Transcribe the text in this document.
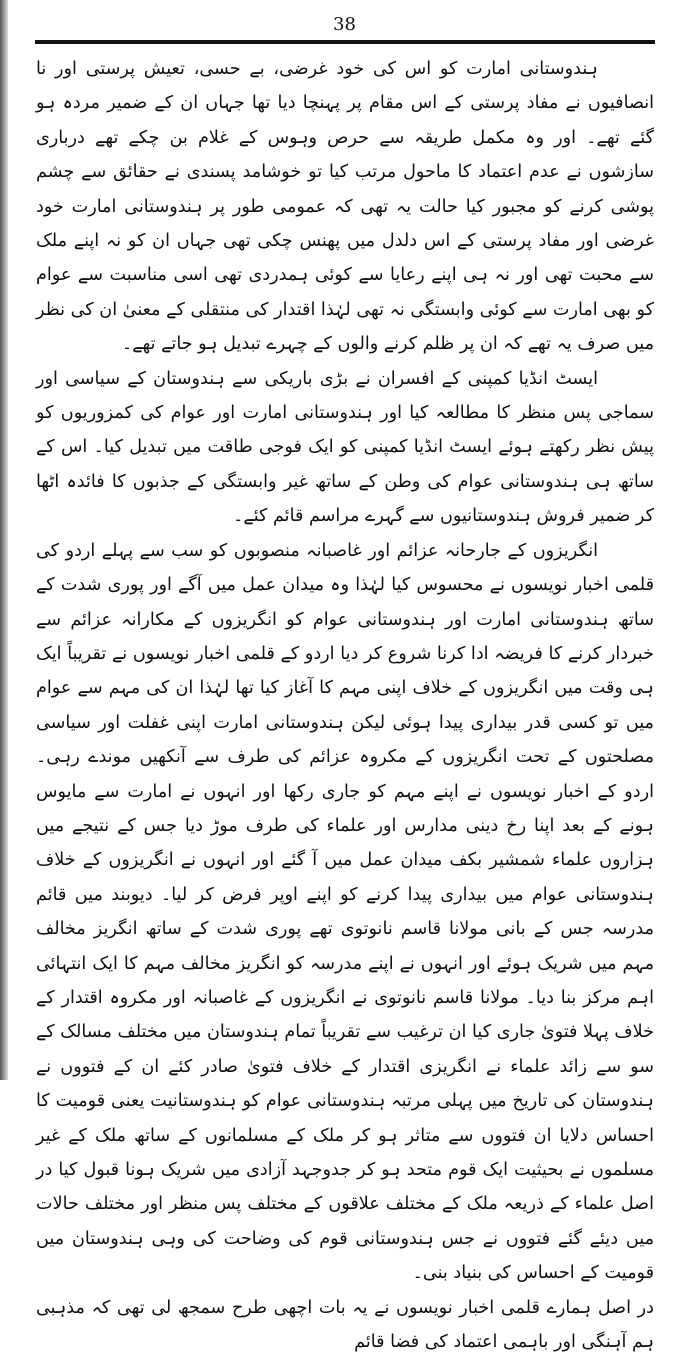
38

ہندوستانی امارت کو اس کی خود غرضی، بے حسی، تعیش پرستی اور نا انصافیوں نے مفاد پرستی کے اس مقام پر پہنچا دیا تھا جہاں ان کے ضمیر مردہ ہو گئے تھے۔ اور وہ مکمل طریقہ سے حرص وہوس کے غلام بن چکے تھے درباری سازشوں نے عدم اعتماد کا ماحول مرتب کیا تو خوشامد پسندی نے حقائق سے چشم پوشی کرنے کو مجبور کیا حالت یہ تھی کہ عمومی طور پر ہندوستانی امارت خود غرضی اور مفاد پرستی کے اس دلدل میں پھنس چکی تھی جہاں ان کو نہ اپنے ملک سے محبت تھی اور نہ ہی اپنے رعایا سے کوئی ہمدردی تھی اسی مناسبت سے عوام کو بھی امارت سے کوئی وابستگی نہ تھی لہٰذا اقتدار کی منتقلی کے معنیٰ ان کی نظر میں صرف یہ تھے کہ ان پر ظلم کرنے والوں کے چہرے تبدیل ہو جاتے تھے۔

ایسٹ انڈیا کمپنی کے افسران نے بڑی باریکی سے ہندوستان کے سیاسی اور سماجی پس منظر کا مطالعہ کیا اور ہندوستانی امارت اور عوام کی کمزوریوں کو پیش نظر رکھتے ہوئے ایسٹ انڈیا کمپنی کو ایک فوجی طاقت میں تبدیل کیا۔ اس کے ساتھ ہی ہندوستانی عوام کی وطن کے ساتھ غیر وابستگی کے جذبوں کا فائدہ اٹھا کر ضمیر فروش ہندوستانیوں سے گہرے مراسم قائم کئے۔

انگریزوں کے جارحانہ عزائم اور غاصبانہ منصوبوں کو سب سے پہلے اردو کی قلمی اخبار نویسوں نے محسوس کیا لہٰذا وہ میدان عمل میں آگے اور پوری شدت کے ساتھ ہندوستانی امارت اور ہندوستانی عوام کو انگریزوں کے مکارانہ عزائم سے خبردار کرنے کا فریضہ ادا کرنا شروع کر دیا اردو کے قلمی اخبار نویسوں نے تقریباً ایک ہی وقت میں انگریزوں کے خلاف اپنی مہم کا آغاز کیا تھا لہٰذا ان کی مہم سے عوام میں تو کسی قدر بیداری پیدا ہوئی لیکن ہندوستانی امارت اپنی غفلت اور سیاسی مصلحتوں کے تحت انگریزوں کے مکروہ عزائم کی طرف سے آنکھیں موندے رہی۔ اردو کے اخبار نویسوں نے اپنے مہم کو جاری رکھا اور انہوں نے امارت سے مایوس ہونے کے بعد اپنا رخ دینی مدارس اور علماء کی طرف موڑ دیا جس کے نتیجے میں ہزاروں علماء شمشیر بکف میدان عمل میں آ گئے اور انہوں نے انگریزوں کے خلاف ہندوستانی عوام میں بیداری پیدا کرنے کو اپنے اوپر فرض کر لیا۔ دیوبند میں قائم مدرسہ جس کے بانی مولانا قاسم نانوتوی تھے پوری شدت کے ساتھ انگریز مخالف مہم میں شریک ہوئے اور انہوں نے اپنے مدرسہ کو انگریز مخالف مہم کا ایک انتہائی اہم مرکز بنا دیا۔ مولانا قاسم نانوتوی نے انگریزوں کے غاصبانہ اور مکروہ اقتدار کے خلاف پہلا فتویٰ جاری کیا ان ترغیب سے تقریباً تمام ہندوستان میں مختلف مسالک کے سو سے زائد علماء نے انگریزی اقتدار کے خلاف فتویٰ صادر کئے ان کے فتووں نے ہندوستان کی تاریخ میں پہلی مرتبہ ہندوستانی عوام کو ہندوستانیت یعنی قومیت کا احساس دلایا ان فتووں سے متاثر ہو کر ملک کے مسلمانوں کے ساتھ ملک کے غیر مسلموں نے بحیثیت ایک قوم متحد ہو کر جدوجہد آزادی میں شریک ہونا قبول کیا در اصل علماء کے ذریعہ ملک کے مختلف علاقوں کے مختلف پس منظر اور مختلف حالات میں دیئے گئے فتووں نے جس ہندوستانی قوم کی وضاحت کی وہی ہندوستان میں قومیت کے احساس کی بنیاد بنی۔

در اصل ہمارے قلمی اخبار نویسوں نے یہ بات اچھی طرح سمجھ لی تھی کہ مذہبی ہم آہنگی اور باہمی اعتماد کی فضا قائم
